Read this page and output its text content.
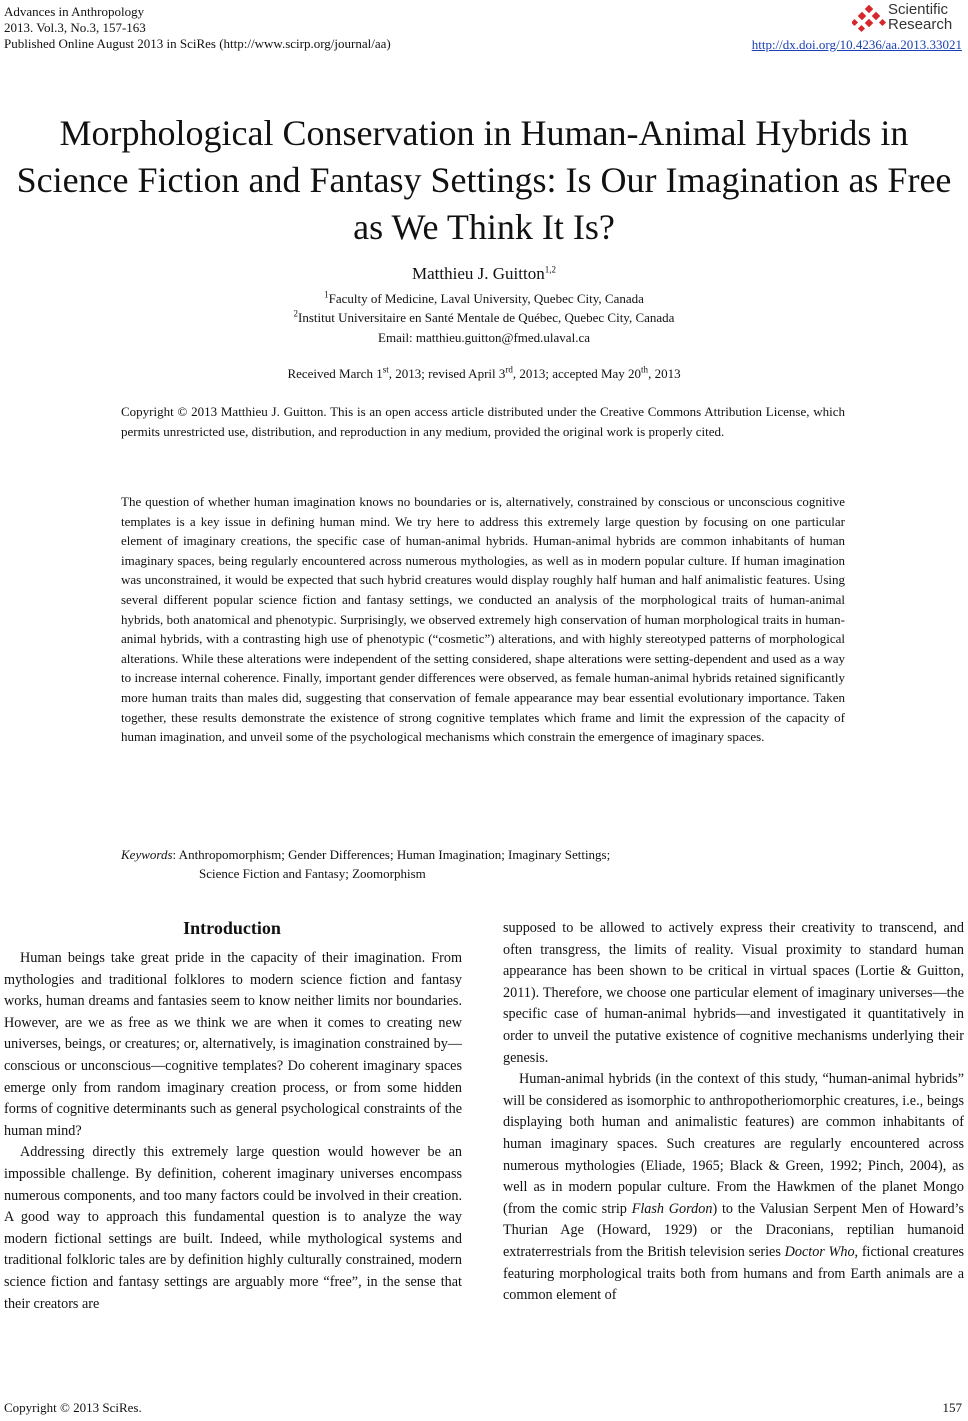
Advances in Anthropology
2013. Vol.3, No.3, 157-163
Published Online August 2013 in SciRes (http://www.scirp.org/journal/aa)
Scientific
Research
http://dx.doi.org/10.4236/aa.2013.33021
Morphological Conservation in Human-Animal Hybrids in Science Fiction and Fantasy Settings: Is Our Imagination as Free as We Think It Is?
Matthieu J. Guitton$^{1,2}$
$^1$Faculty of Medicine, Laval University, Quebec City, Canada
$^2$Institut Universitaire en Santé Mentale de Québec, Quebec City, Canada
Email: matthieu.guitton@fmed.ulaval.ca
Received March 1st, 2013; revised April 3rd, 2013; accepted May 20th, 2013
Copyright © 2013 Matthieu J. Guitton. This is an open access article distributed under the Creative Commons Attribution License, which permits unrestricted use, distribution, and reproduction in any medium, provided the original work is properly cited.
The question of whether human imagination knows no boundaries or is, alternatively, constrained by conscious or unconscious cognitive templates is a key issue in defining human mind. We try here to address this extremely large question by focusing on one particular element of imaginary creations, the specific case of human-animal hybrids. Human-animal hybrids are common inhabitants of human imaginary spaces, being regularly encountered across numerous mythologies, as well as in modern popular culture. If human imagination was unconstrained, it would be expected that such hybrid creatures would display roughly half human and half animalistic features. Using several different popular science fiction and fantasy settings, we conducted an analysis of the morphological traits of human-animal hybrids, both anatomical and phenotypic. Surprisingly, we observed extremely high conservation of human morphological traits in human-animal hybrids, with a contrasting high use of phenotypic (“cosmetic”) alterations, and with highly stereotyped patterns of morphological alterations. While these alterations were independent of the setting considered, shape alterations were setting-dependent and used as a way to increase internal coherence. Finally, important gender differences were observed, as female human-animal hybrids retained significantly more human traits than males did, suggesting that conservation of female appearance may bear essential evolutionary importance. Taken together, these results demonstrate the existence of strong cognitive templates which frame and limit the expression of the capacity of human imagination, and unveil some of the psychological mechanisms which constrain the emergence of imaginary spaces.
Keywords: Anthropomorphism; Gender Differences; Human Imagination; Imaginary Settings;
Science Fiction and Fantasy; Zoomorphism
Introduction

Human beings take great pride in the capacity of their imagination. From mythologies and traditional folklores to modern science fiction and fantasy works, human dreams and fantasies seem to know neither limits nor boundaries. However, are we as free as we think we are when it comes to creating new universes, beings, or creatures; or, alternatively, is imagination constrained by—conscious or unconscious—cognitive templates? Do coherent imaginary spaces emerge only from random imaginary creation process, or from some hidden forms of cognitive determinants such as general psychological constraints of the human mind?

Addressing directly this extremely large question would however be an impossible challenge. By definition, coherent imaginary universes encompass numerous components, and too many factors could be involved in their creation. A good way to approach this fundamental question is to analyze the way modern fictional settings are built. Indeed, while mythological systems and traditional folkloric tales are by definition highly culturally constrained, modern science fiction and fantasy settings are arguably more “free”, in the sense that their creators are

supposed to be allowed to actively express their creativity to transcend, and often transgress, the limits of reality. Visual proximity to standard human appearance has been shown to be critical in virtual spaces (Lortie & Guitton, 2011). Therefore, we choose one particular element of imaginary universes—the specific case of human-animal hybrids—and investigated it quantitatively in order to unveil the putative existence of cognitive mechanisms underlying their genesis.

Human-animal hybrids (in the context of this study, “human-animal hybrids” will be considered as isomorphic to anthropotheriomorphic creatures, i.e., beings displaying both human and animalistic features) are common inhabitants of human imaginary spaces. Such creatures are regularly encountered across numerous mythologies (Eliade, 1965; Black & Green, 1992; Pinch, 2004), as well as in modern popular culture. From the Hawkmen of the planet Mongo (from the comic strip Flash Gordon) to the Valusian Serpent Men of Howard’s Thurian Age (Howard, 1929) or the Draconians, reptilian humanoid extraterrestrials from the British television series Doctor Who, fictional creatures featuring morphological traits both from humans and from Earth animals are a common element of

Copyright © 2013 SciRes.	157
